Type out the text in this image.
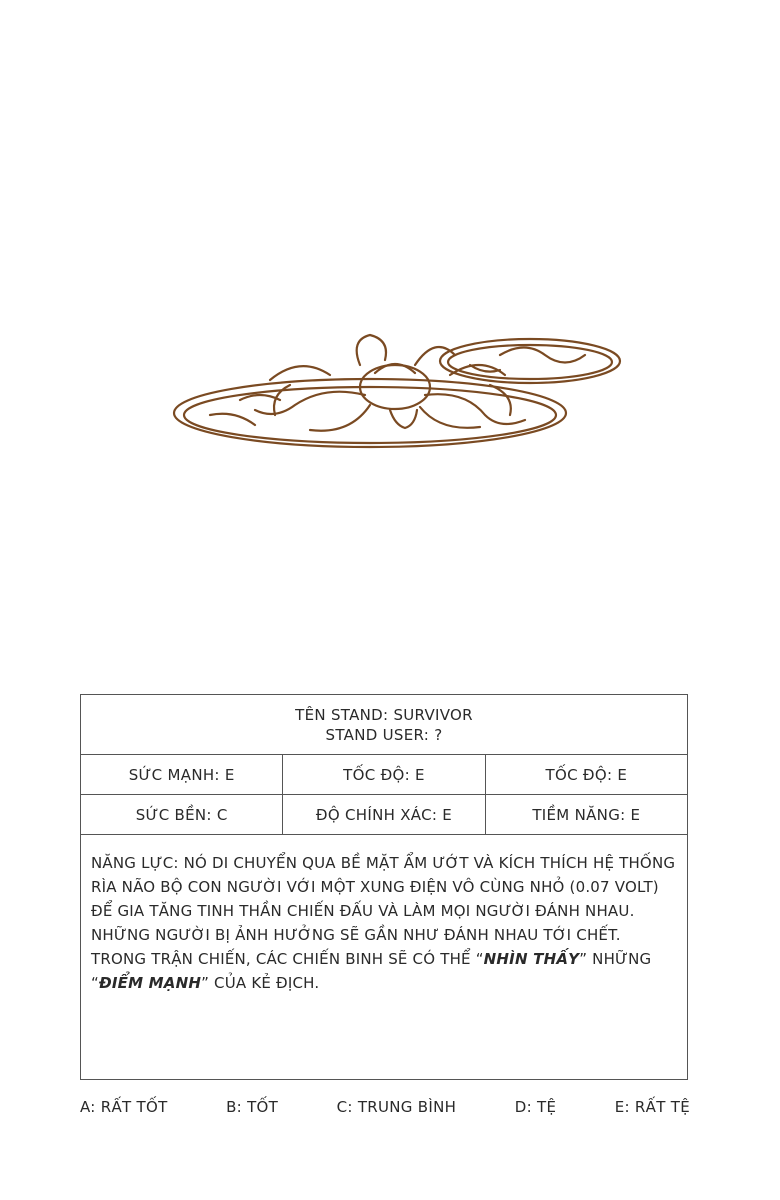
TÊN STAND: SURVIVOR
STAND USER: ?
SỨC MẠNH: E	TỐC ĐỘ: E	TỐC ĐỘ: E
SỨC BỀN: C	ĐỘ CHÍNH XÁC: E	TIỀM NĂNG: E
NĂNG LỰC: NÓ DI CHUYỂN QUA BỀ MẶT ẨM ƯỚT VÀ KÍCH THÍCH HỆ THỐNG RÌA NÃO BỘ CON NGƯỜI VỚI MỘT XUNG ĐIỆN VÔ CÙNG NHỎ (0.07 VOLT) ĐỂ GIA TĂNG TINH THẦN CHIẾN ĐẤU VÀ LÀM MỌI NGƯỜI ĐÁNH NHAU. NHỮNG NGƯỜI BỊ ẢNH HƯỞNG SẼ GẦN NHƯ ĐÁNH NHAU TỚI CHẾT. TRONG TRẬN CHIẾN, CÁC CHIẾN BINH SẼ CÓ THỂ “NHÌN THẤY” NHỮNG “ĐIỂM MẠNH” CỦA KẺ ĐỊCH.
A: RẤT TỐT	B: TỐT	C: TRUNG BÌNH	D: TỆ	E: RẤT TỆ
